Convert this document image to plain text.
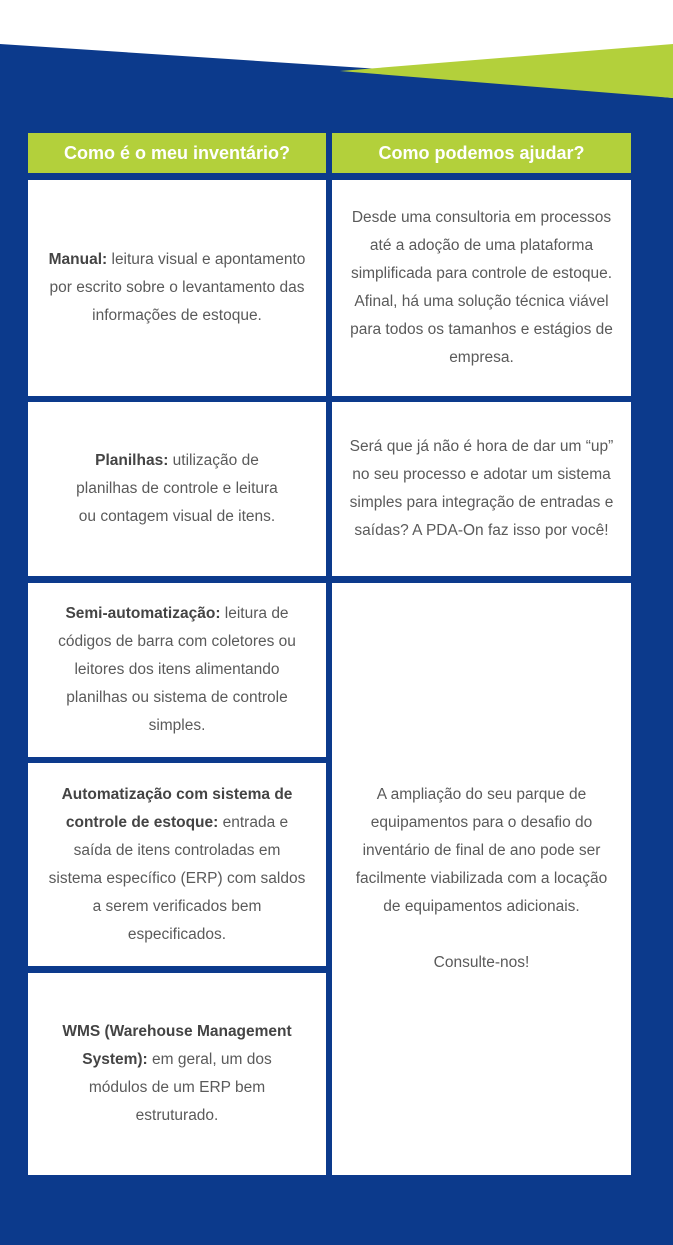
Como é o meu inventário?	Como podemos ajudar?

Manual: leitura visual e apontamento por escrito sobre o levantamento das informações de estoque.

Planilhas: utilização de planilhas de controle e leitura ou contagem visual de itens.

Semi-automatização: leitura de códigos de barra com coletores ou leitores dos itens alimentando planilhas ou sistema de controle simples.

Automatização com sistema de controle de estoque: entrada e saída de itens controladas em sistema específico (ERP) com saldos a serem verificados bem especificados.

WMS (Warehouse Management System): em geral, um dos módulos de um ERP bem estruturado.

Desde uma consultoria em processos até a adoção de uma plataforma simplificada para controle de estoque. Afinal, há uma solução técnica viável para todos os tamanhos e estágios de empresa.

Será que já não é hora de dar um “up” no seu processo e adotar um sistema simples para integração de entradas e saídas? A PDA-On faz isso por você!

A ampliação do seu parque de equipamentos para o desafio do inventário de final de ano pode ser facilmente viabilizada com a locação de equipamentos adicionais.

Consulte-nos!
